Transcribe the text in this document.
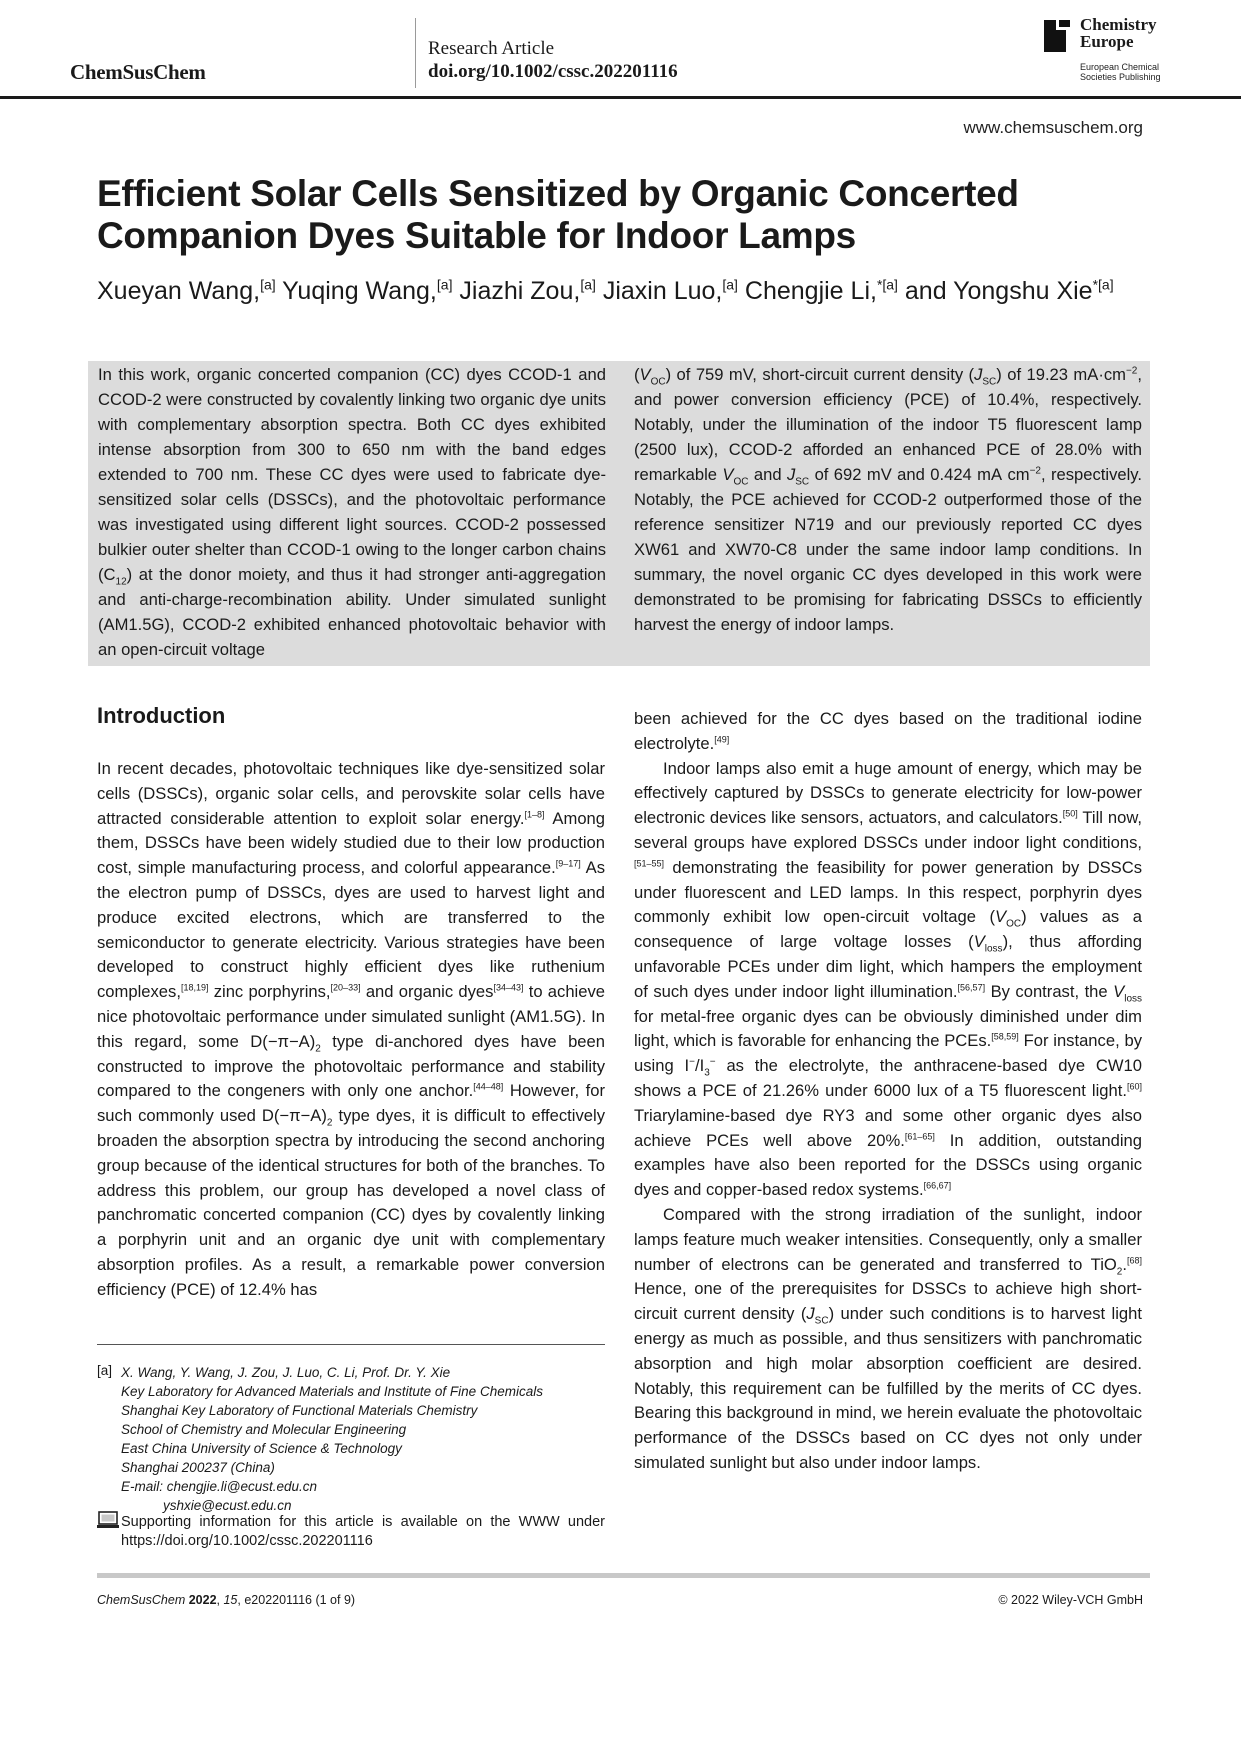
ChemSusChem
Research Article
doi.org/10.1002/cssc.202201116
Chemistry
Europe
European Chemical
Societies Publishing
www.chemsuschem.org
Efficient Solar Cells Sensitized by Organic Concerted
Companion Dyes Suitable for Indoor Lamps
Xueyan Wang,[a] Yuqing Wang,[a] Jiazhi Zou,[a] Jiaxin Luo,[a] Chengjie Li,$^{*[a]}$ and Yongshu Xie$^{*[a]}$
In this work, organic concerted companion (CC) dyes CCOD-1 and CCOD-2 were constructed by covalently linking two organic dye units with complementary absorption spectra. Both CC dyes exhibited intense absorption from 300 to 650 nm with the band edges extended to 700 nm. These CC dyes were used to fabricate dye-sensitized solar cells (DSSCs), and the photovoltaic performance was investigated using different light sources. CCOD-2 possessed bulkier outer shelter than CCOD-1 owing to the longer carbon chains $(C_{12})$ at the donor moiety, and thus it had stronger anti-aggregation and anti-charge-recombination ability. Under simulated sunlight (AM1.5G), CCOD-2 exhibited enhanced photovoltaic behavior with an open-circuit voltage
$(V_{OC})$ of 759 mV, short-circuit current density $(J_{SC})$ of 19.23 $mA\cdot cm^{-2}$, and power conversion efficiency (PCE) of 10.4%, respectively. Notably, under the illumination of the indoor T5 fluorescent lamp (2500 lux), CCOD-2 afforded an enhanced PCE of 28.0% with remarkable $V_{OC}$ and $J_{SC}$ of 692 mV and 0.424 mA $cm^{-2}$, respectively. Notably, the PCE achieved for CCOD-2 outperformed those of the reference sensitizer N719 and our previously reported CC dyes XW61 and XW70-C8 under the same indoor lamp conditions. In summary, the novel organic CC dyes developed in this work were demonstrated to be promising for fabricating DSSCs to efficiently harvest the energy of indoor lamps.
Introduction

In recent decades, photovoltaic techniques like dye-sensitized solar cells (DSSCs), organic solar cells, and perovskite solar cells have attracted considerable attention to exploit solar energy.[1–8] Among them, DSSCs have been widely studied due to their low production cost, simple manufacturing process, and colorful appearance.[9–17] As the electron pump of DSSCs, dyes are used to harvest light and produce excited electrons, which are transferred to the semiconductor to generate electricity. Various strategies have been developed to construct highly efficient dyes like ruthenium complexes,[18,19] zinc porphyrins,[20–33] and organic dyes[34–43] to achieve nice photovoltaic performance under simulated sunlight (AM1.5G). In this regard, some $D(-\pi-A)_2$ type di-anchored dyes have been constructed to improve the photovoltaic performance and stability compared to the congeners with only one anchor.[44–48] However, for such commonly used $D(-\pi-A)_2$ type dyes, it is difficult to effectively broaden the absorption spectra by introducing the second anchoring group because of the identical structures for both of the branches. To address this problem, our group has developed a novel class of panchromatic concerted companion (CC) dyes by covalently linking a porphyrin unit and an organic dye unit with complementary absorption profiles. As a result, a remarkable power conversion efficiency (PCE) of 12.4% has

been achieved for the CC dyes based on the traditional iodine electrolyte.[49]

Indoor lamps also emit a huge amount of energy, which may be effectively captured by DSSCs to generate electricity for low-power electronic devices like sensors, actuators, and calculators.[50] Till now, several groups have explored DSSCs under indoor light conditions,[51–55] demonstrating the feasibility for power generation by DSSCs under fluorescent and LED lamps. In this respect, porphyrin dyes commonly exhibit low open-circuit voltage $(V_{OC})$ values as a consequence of large voltage losses $(V_{loss})$, thus affording unfavorable PCEs under dim light, which hampers the employment of such dyes under indoor light illumination.[56,57] By contrast, the $V_{loss}$ for metal-free organic dyes can be obviously diminished under dim light, which is favorable for enhancing the PCEs.[58,59] For instance, by using $I^-/I_3^-$ as the electrolyte, the anthracene-based dye CW10 shows a PCE of 21.26% under 6000 lux of a T5 fluorescent light.[60] Triarylamine-based dye RY3 and some other organic dyes also achieve PCEs well above 20%.[61–65] In addition, outstanding examples have also been reported for the DSSCs using organic dyes and copper-based redox systems.[66,67]

Compared with the strong irradiation of the sunlight, indoor lamps feature much weaker intensities. Consequently, only a smaller number of electrons can be generated and transferred to TiO$_2$.[68] Hence, one of the prerequisites for DSSCs to achieve high short-circuit current density $(J_{SC})$ under such conditions is to harvest light energy as much as possible, and thus sensitizers with panchromatic absorption and high molar absorption coefficient are desired. Notably, this requirement can be fulfilled by the merits of CC dyes. Bearing this background in mind, we herein evaluate the photovoltaic performance of the DSSCs based on CC dyes not only under simulated sunlight but also under indoor lamps.

[a] X. Wang, Y. Wang, J. Zou, J. Luo, C. Li, Prof. Dr. Y. Xie
Key Laboratory for Advanced Materials and Institute of Fine Chemicals
Shanghai Key Laboratory of Functional Materials Chemistry
School of Chemistry and Molecular Engineering
East China University of Science & Technology
Shanghai 200237 (China)
E-mail: chengjie.li@ecust.edu.cn
yshxie@ecust.edu.cn
Supporting information for this article is available on the WWW under https://doi.org/10.1002/cssc.202201116
ChemSusChem 2022, 15, e202201116 (1 of 9)	© 2022 Wiley-VCH GmbH
